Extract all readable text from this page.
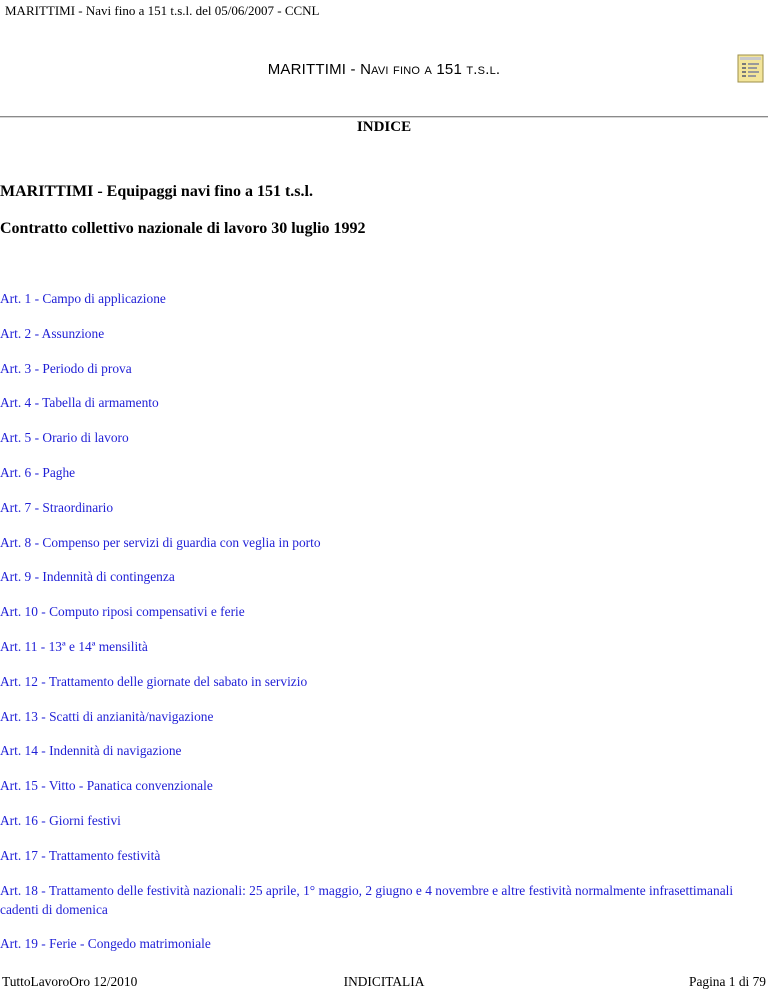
MARITTIMI - Navi fino a 151 t.s.l. del 05/06/2007 - CCNL
MARITTIMI - Navi fino a 151 t.s.l.
INDICE
MARITTIMI - Equipaggi navi fino a 151 t.s.l.
Contratto collettivo nazionale di lavoro 30 luglio 1992
Art. 1 - Campo di applicazione
Art. 2 - Assunzione
Art. 3 - Periodo di prova
Art. 4 - Tabella di armamento
Art. 5 - Orario di lavoro
Art. 6 - Paghe
Art. 7 - Straordinario
Art. 8 - Compenso per servizi di guardia con veglia in porto
Art. 9 - Indennità di contingenza
Art. 10 - Computo riposi compensativi e ferie
Art. 11 - 13ª e 14ª mensilità
Art. 12 - Trattamento delle giornate del sabato in servizio
Art. 13 - Scatti di anzianità/navigazione
Art. 14 - Indennità di navigazione
Art. 15 - Vitto - Panatica convenzionale
Art. 16 - Giorni festivi
Art. 17 - Trattamento festività
Art. 18 - Trattamento delle festività nazionali: 25 aprile, 1° maggio, 2 giugno e 4 novembre e altre festività normalmente infrasettimanali cadenti di domenica
Art. 19 - Ferie - Congedo matrimoniale
TuttoLavoroOro 12/2010	INDICITALIA	Pagina 1 di 79
